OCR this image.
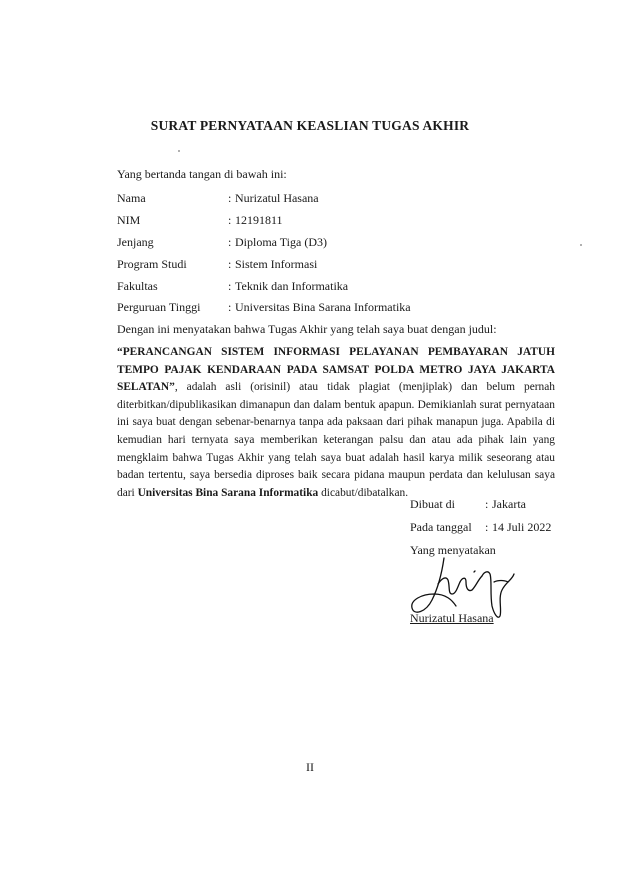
SURAT PERNYATAAN KEASLIAN TUGAS AKHIR
Yang bertanda tangan di bawah ini:
Nama	: Nurizatul Hasana
NIM	: 12191811
Jenjang	: Diploma Tiga (D3)
Program Studi	: Sistem Informasi
Fakultas	: Teknik dan Informatika
Perguruan Tinggi	: Universitas Bina Sarana Informatika
Dengan ini menyatakan bahwa Tugas Akhir yang telah saya buat dengan judul:
“PERANCANGAN SISTEM INFORMASI PELAYANAN PEMBAYARAN JATUH TEMPO PAJAK KENDARAAN PADA SAMSAT POLDA METRO JAYA JAKARTA SELATAN”, adalah asli (orisinil) atau tidak plagiat (menjiplak) dan belum pernah diterbitkan/dipublikasikan dimanapun dan dalam bentuk apapun. Demikianlah surat pernyataan ini saya buat dengan sebenar-benarnya tanpa ada paksaan dari pihak manapun juga. Apabila di kemudian hari ternyata saya memberikan keterangan palsu dan atau ada pihak lain yang mengklaim bahwa Tugas Akhir yang telah saya buat adalah hasil karya milik seseorang atau badan tertentu, saya bersedia diproses baik secara pidana maupun perdata dan kelulusan saya dari Universitas Bina Sarana Informatika dicabut/dibatalkan.
Dibuat di	: Jakarta
Pada tanggal : 14 Juli 2022
Yang menyatakan
Nurizatul Hasana
II
